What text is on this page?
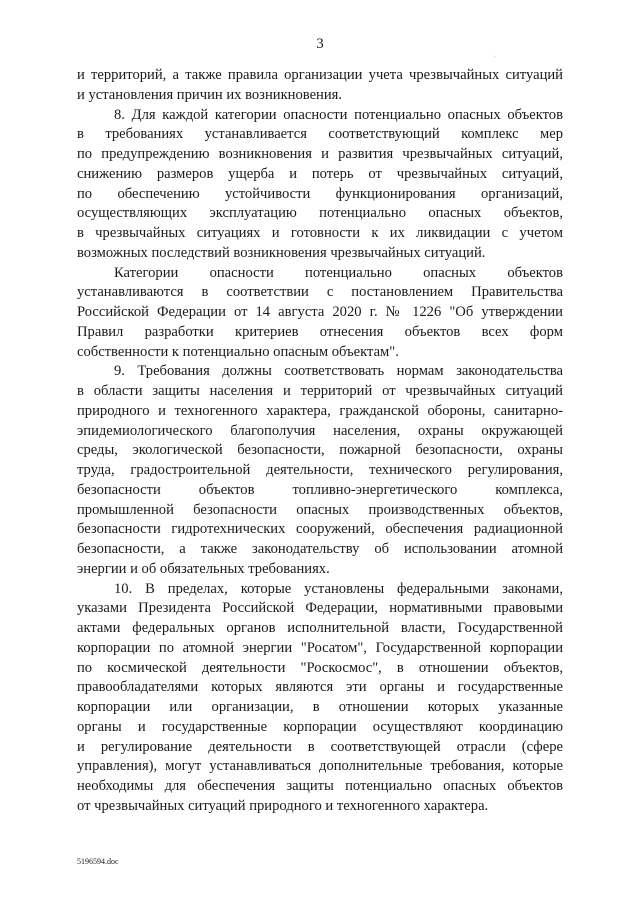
3
·
и территорий, а также правила организации учета чрезвычайных ситуаций
и установления причин их возникновения.
8. Для каждой категории опасности потенциально опасных объектов
в требованиях устанавливается соответствующий комплекс мер
по предупреждению возникновения и развития чрезвычайных ситуаций,
снижению размеров ущерба и потерь от чрезвычайных ситуаций,
по обеспечению устойчивости функционирования организаций,
осуществляющих эксплуатацию потенциально опасных объектов,
в чрезвычайных ситуациях и готовности к их ликвидации с учетом
возможных последствий возникновения чрезвычайных ситуаций.
Категории опасности потенциально опасных объектов
устанавливаются в соответствии с постановлением Правительства
Российской Федерации от 14 августа 2020 г. № 1226 "Об утверждении
Правил разработки критериев отнесения объектов всех форм
собственности к потенциально опасным объектам".
9. Требования должны соответствовать нормам законодательства
в области защиты населения и территорий от чрезвычайных ситуаций
природного и техногенного характера, гражданской обороны, санитарно-
эпидемиологического благополучия населения, охраны окружающей
среды, экологической безопасности, пожарной безопасности, охраны
труда, градостроительной деятельности, технического регулирования,
безопасности объектов топливно-энергетического комплекса,
промышленной безопасности опасных производственных объектов,
безопасности гидротехнических сооружений, обеспечения радиационной
безопасности, а также законодательству об использовании атомной
энергии и об обязательных требованиях.
10. В пределах, которые установлены федеральными законами,
указами Президента Российской Федерации, нормативными правовыми
актами федеральных органов исполнительной власти, Государственной
корпорации по атомной энергии "Росатом", Государственной корпорации
по космической деятельности "Роскосмос", в отношении объектов,
правообладателями которых являются эти органы и государственные
корпорации или организации, в отношении которых указанные
органы и государственные корпорации осуществляют координацию
и регулирование деятельности в соответствующей отрасли (сфере
управления), могут устанавливаться дополнительные требования, которые
необходимы для обеспечения защиты потенциально опасных объектов
от чрезвычайных ситуаций природного и техногенного характера.
5196594.doc
